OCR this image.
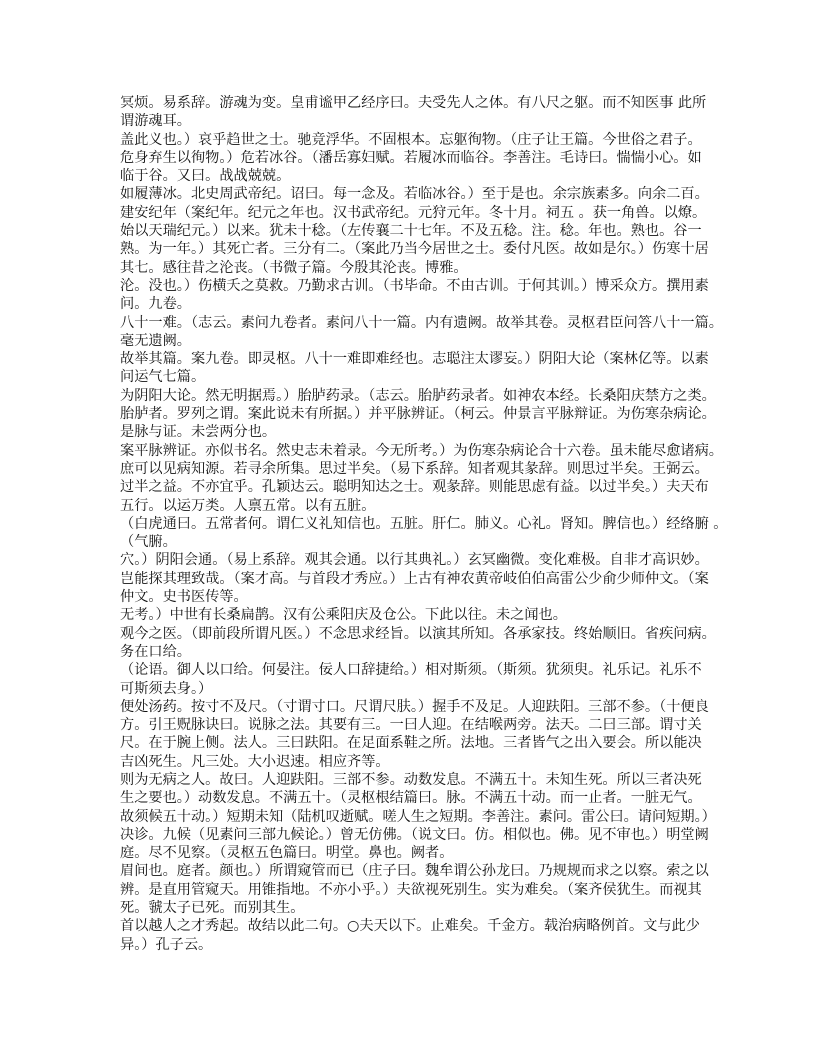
冥烦。易系辞。游魂为变。皇甫谧甲乙经序曰。夫受先人之体。有八尺之躯。而不知医事 此所
谓游魂耳。
盖此义也。）哀乎趋世之士。驰竞浮华。不固根本。忘躯徇物。（庄子让王篇。今世俗之君子。
危身弃生以徇物。）危若冰谷。（潘岳寡妇赋。若履冰而临谷。李善注。毛诗曰。惴惴小心。如
临于谷。又曰。战战兢兢。
如履薄冰。北史周武帝纪。诏曰。每一念及。若临冰谷。）至于是也。余宗族素多。向余二百。
建安纪年（案纪年。纪元之年也。汉书武帝纪。元狩元年。冬十月。祠五 。获一角兽。以燎。
始以天瑞纪元。）以来。犹未十稔。（左传襄二十七年。不及五稔。注。稔。年也。熟也。谷一
熟。为一年。）其死亡者。三分有二。（案此乃当今居世之士。委付凡医。故如是尔。）伤寒十居
其七。感往昔之沦丧。（书微子篇。今殷其沦丧。博雅。
沦。没也。）伤横夭之莫救。乃勤求古训。（书毕命。不由古训。于何其训。）博采众方。撰用素
问。九卷。
八十一难。（志云。素问九卷者。素问八十一篇。内有遗阙。故举其卷。灵枢君臣问答八十一篇。
毫无遗阙。
故举其篇。案九卷。即灵枢。八十一难即难经也。志聪注太谬妄。）阴阳大论（案林亿等。以素
问运气七篇。
为阴阳大论。然无明据焉。）胎胪药录。（志云。胎胪药录者。如神农本经。长桑阳庆禁方之类。
胎胪者。罗列之谓。案此说未有所据。）并平脉辨证。（柯云。仲景言平脉辩证。为伤寒杂病论。
是脉与证。未尝两分也。
案平脉辨证。亦似书名。然史志未着录。今无所考。）为伤寒杂病论合十六卷。虽未能尽愈诸病。
庶可以见病知源。若寻余所集。思过半矣。（易下系辞。知者观其彖辞。则思过半矣。王弼云。
过半之益。不亦宜乎。孔颖达云。聪明知达之士。观彖辞。则能思虑有益。以过半矣。）夫天布
五行。以运万类。人禀五常。以有五脏。
（白虎通曰。五常者何。谓仁义礼知信也。五脏。肝仁。肺义。心礼。肾知。脾信也。）经络腑 。
（气腑。
穴。）阴阳会通。（易上系辞。观其会通。以行其典礼。）玄冥幽微。变化难极。自非才高识妙。
岂能探其理致哉。（案才高。与首段才秀应。）上古有神农黄帝岐伯伯高雷公少俞少师仲文。（案
仲文。史书医传等。
无考。）中世有长桑扁鹊。汉有公乘阳庆及仓公。下此以往。未之闻也。
观今之医。（即前段所谓凡医。）不念思求经旨。以演其所知。各承家技。终始顺旧。省疾问病。
务在口给。
（论语。御人以口给。何晏注。佞人口辞捷给。）相对斯须。（斯须。犹须臾。礼乐记。礼乐不
可斯须去身。）
便处汤药。按寸不及尺。（寸谓寸口。尺谓尺肤。）握手不及足。人迎趺阳。三部不参。（十便良
方。引王贶脉诀曰。说脉之法。其要有三。一曰人迎。在结喉两旁。法天。二曰三部。谓寸关
尺。在于腕上侧。法人。三曰趺阳。在足面系鞋之所。法地。三者皆气之出入要会。所以能决
吉凶死生。凡三处。大小迟速。相应齐等。
则为无病之人。故曰。人迎趺阳。三部不参。动数发息。不满五十。未知生死。所以三者决死
生之要也。）动数发息。不满五十。（灵枢根结篇曰。脉。不满五十动。而一止者。一脏无气。
故须候五十动。）短期未知（陆机叹逝赋。嗟人生之短期。李善注。素问。雷公曰。请问短期。）
决诊。九候（见素问三部九候论。）曾无仿佛。（说文曰。仿。相似也。佛。见不审也。）明堂阙
庭。尽不见察。（灵枢五色篇曰。明堂。鼻也。阙者。
眉间也。庭者。颜也。）所谓窥管而已（庄子曰。魏牟谓公孙龙曰。乃规规而求之以察。索之以
辨。是直用管窥天。用锥指地。不亦小乎。）夫欲视死别生。实为难矣。（案齐侯犹生。而视其
死。虢太子已死。而别其生。
首以越人之才秀起。故结以此二句。○夫天以下。止难矣。千金方。载治病略例首。文与此少
异。）孔子云。
